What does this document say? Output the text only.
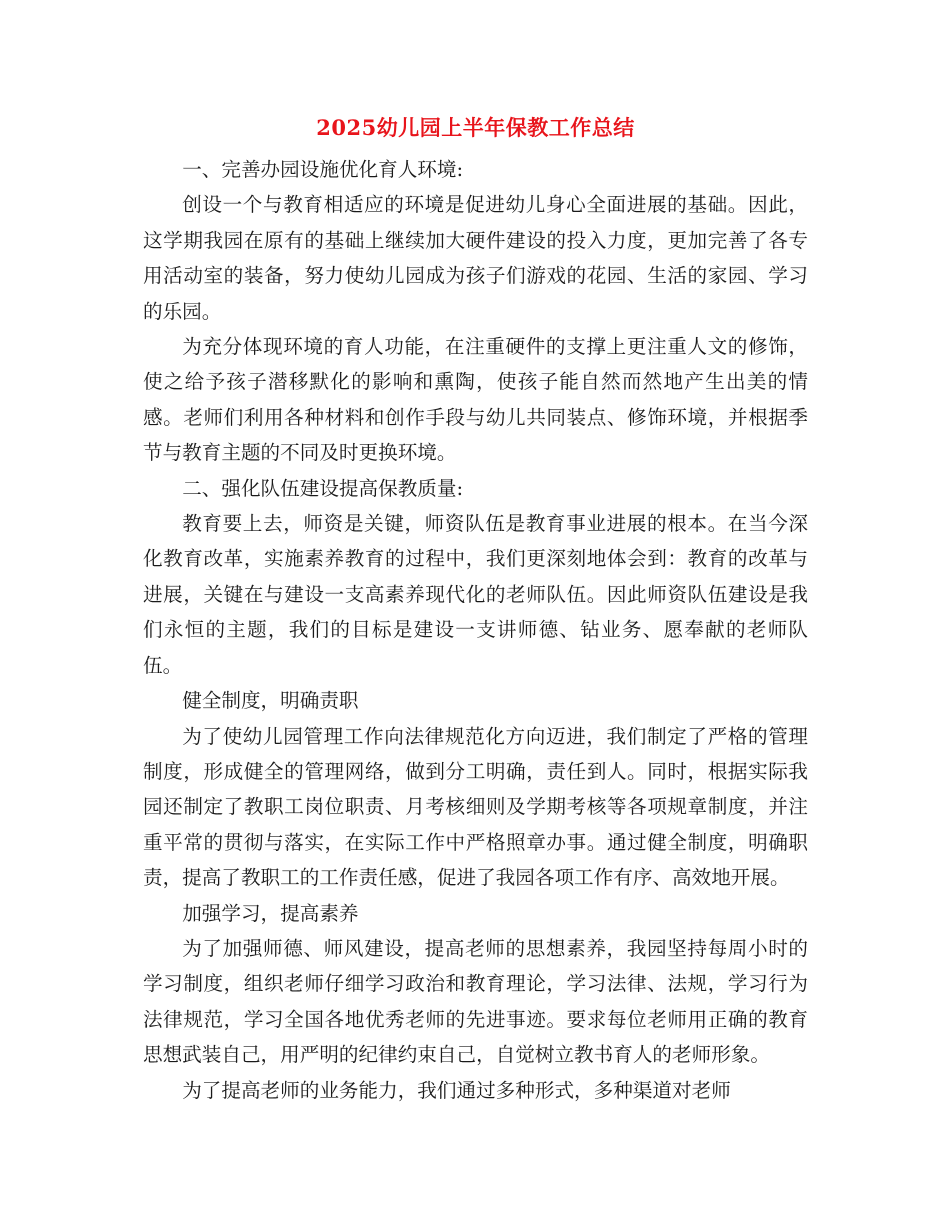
2025幼儿园上半年保教工作总结

一、完善办园设施优化育人环境:

创设一个与教育相适应的环境是促进幼儿身心全面进展的基础。因此，这学期我园在原有的基础上继续加大硬件建设的投入力度，更加完善了各专用活动室的装备，努力使幼儿园成为孩子们游戏的花园、生活的家园、学习的乐园。

为充分体现环境的育人功能，在注重硬件的支撑上更注重人文的修饰，使之给予孩子潜移默化的影响和熏陶，使孩子能自然而然地产生出美的情感。老师们利用各种材料和创作手段与幼儿共同装点、修饰环境，并根据季节与教育主题的不同及时更换环境。

二、强化队伍建设提高保教质量:

教育要上去，师资是关键，师资队伍是教育事业进展的根本。在当今深化教育改革，实施素养教育的过程中，我们更深刻地体会到：教育的改革与进展，关键在与建设一支高素养现代化的老师队伍。因此师资队伍建设是我们永恒的主题，我们的目标是建设一支讲师德、钻业务、愿奉献的老师队伍。

健全制度，明确责职

为了使幼儿园管理工作向法律规范化方向迈进，我们制定了严格的管理制度，形成健全的管理网络，做到分工明确，责任到人。同时，根据实际我园还制定了教职工岗位职责、月考核细则及学期考核等各项规章制度，并注重平常的贯彻与落实，在实际工作中严格照章办事。通过健全制度，明确职责，提高了教职工的工作责任感，促进了我园各项工作有序、高效地开展。

加强学习，提高素养

为了加强师德、师风建设，提高老师的思想素养，我园坚持每周小时的学习制度，组织老师仔细学习政治和教育理论，学习法律、法规，学习行为法律规范，学习全国各地优秀老师的先进事迹。要求每位老师用正确的教育思想武装自己，用严明的纪律约束自己，自觉树立教书育人的老师形象。

为了提高老师的业务能力，我们通过多种形式，多种渠道对老师
